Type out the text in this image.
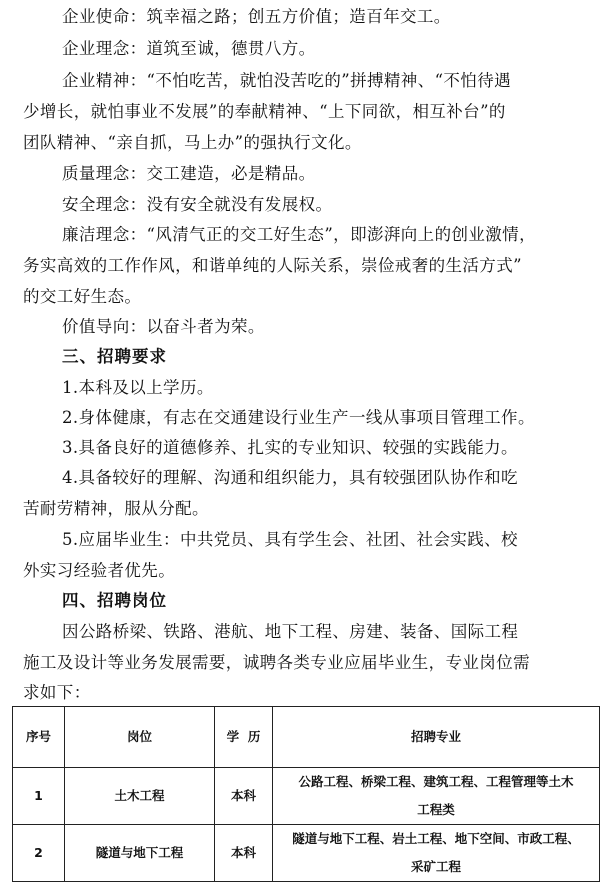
企业使命：筑幸福之路；创五方价值；造百年交工。
企业理念：道筑至诚，德贯八方。
企业精神：“不怕吃苦，就怕没苦吃的”拼搏精神、“不怕待遇
少增长，就怕事业不发展”的奉献精神、“上下同欲，相互补台”的
团队精神、“亲自抓，马上办”的强执行文化。
质量理念：交工建造，必是精品。
安全理念：没有安全就没有发展权。
廉洁理念：“风清气正的交工好生态”，即澎湃向上的创业激情，
务实高效的工作作风，和谐单纯的人际关系，崇俭戒奢的生活方式”
的交工好生态。
价值导向：以奋斗者为荣。
三、招聘要求
1.本科及以上学历。
2.身体健康，有志在交通建设行业生产一线从事项目管理工作。
3.具备良好的道德修养、扎实的专业知识、较强的实践能力。
4.具备较好的理解、沟通和组织能力，具有较强团队协作和吃
苦耐劳精神，服从分配。
5.应届毕业生：中共党员、具有学生会、社团、社会实践、校
外实习经验者优先。
四、招聘岗位
因公路桥梁、铁路、港航、地下工程、房建、装备、国际工程
施工及设计等业务发展需要，诚聘各类专业应届毕业生，专业岗位需
求如下：
序号	岗位	学  历	招聘专业
1	土木工程	本科	公路工程、桥梁工程、建筑工程、工程管理等土木
工程类

2	隧道与地下工程	本科	隧道与地下工程、岩土工程、地下空间、市政工程、
采矿工程
